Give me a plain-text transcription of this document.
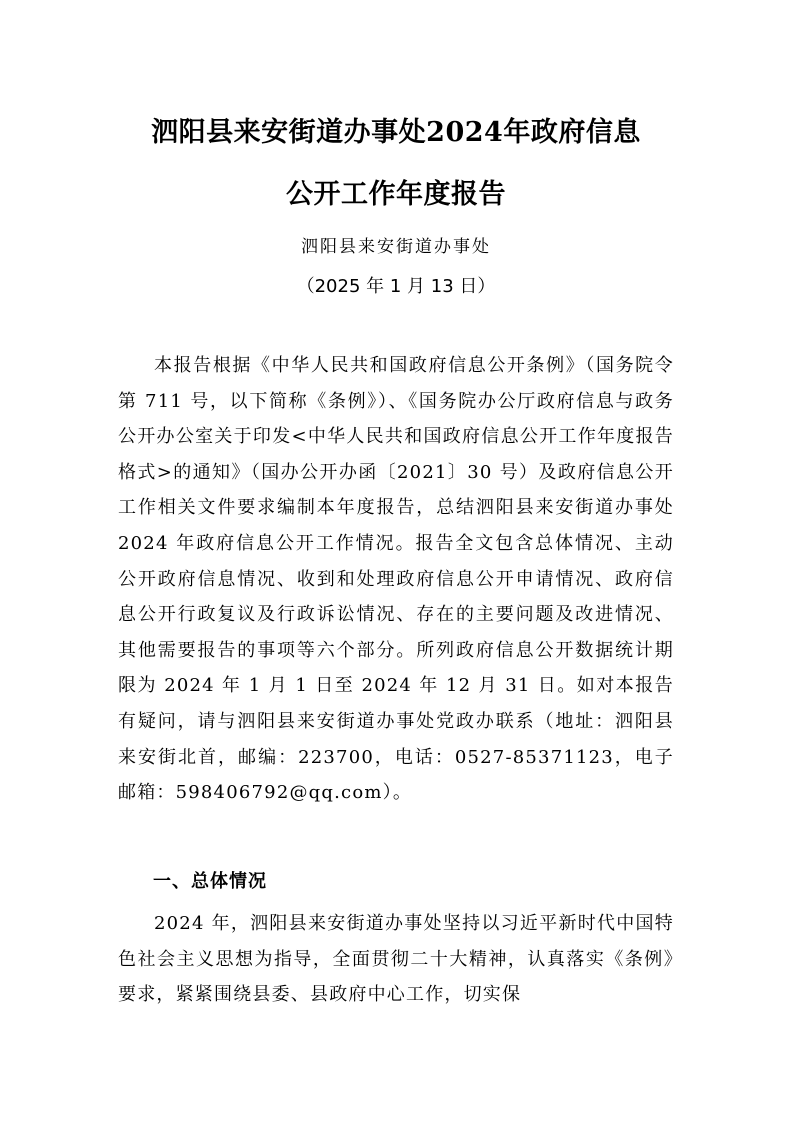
泗阳县来安街道办事处2024年政府信息
公开工作年度报告
泗阳县来安街道办事处
（2025 年 1 月 13 日）

本报告根据《中华人民共和国政府信息公开条例》（国务院令第 711 号，以下简称《条例》）、《国务院办公厅政府信息与政务公开办公室关于印发<中华人民共和国政府信息公开工作年度报告格式>的通知》（国办公开办函〔2021〕30 号）及政府信息公开工作相关文件要求编制本年度报告，总结泗阳县来安街道办事处 2024 年政府信息公开工作情况。报告全文包含总体情况、主动公开政府信息情况、收到和处理政府信息公开申请情况、政府信息公开行政复议及行政诉讼情况、存在的主要问题及改进情况、其他需要报告的事项等六个部分。所列政府信息公开数据统计期限为 2024 年 1 月 1 日至 2024 年 12 月 31 日。如对本报告有疑问，请与泗阳县来安街道办事处党政办联系（地址：泗阳县来安街北首，邮编：223700，电话：0527-85371123，电子邮箱：598406792@qq.com）。

一、总体情况

2024 年，泗阳县来安街道办事处坚持以习近平新时代中国特色社会主义思想为指导，全面贯彻二十大精神，认真落实《条例》要求，紧紧围绕县委、县政府中心工作，切实保
